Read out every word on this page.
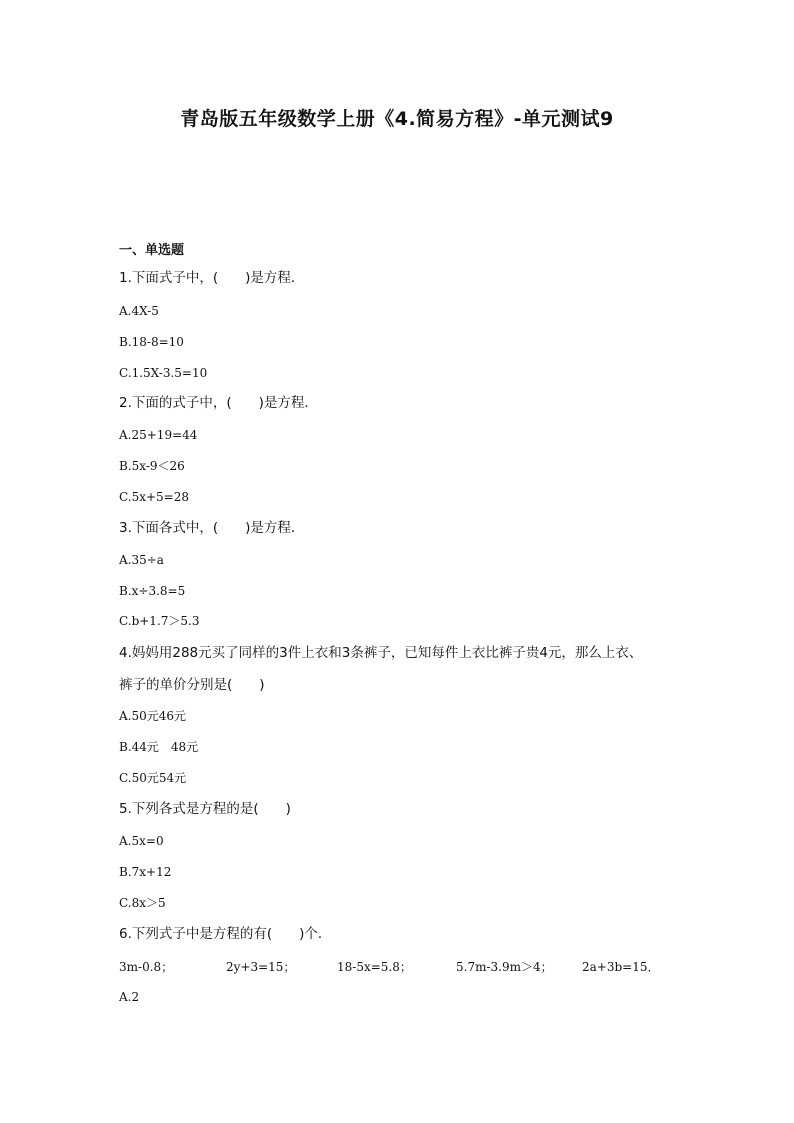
青岛版五年级数学上册《4.简易方程》-单元测试9
一、单选题
1.下面式子中，(　　)是方程．
A.4X-5
B.18-8=10
C.1.5X-3.5=10
2.下面的式子中，(　　)是方程．
A.25+19=44
B.5x-9＜26
C.5x+5=28
3.下面各式中，(　　)是方程．
A.35÷a
B.x÷3.8=5
C.b+1.7＞5.3
4.妈妈用288元买了同样的3件上衣和3条裤子，已知每件上衣比裤子贵4元，那么上衣、
裤子的单价分别是(　　)
A.50元46元
B.44元　48元
C.50元54元
5.下列各式是方程的是(　　)
A.5x=0
B.7x+12
C.8x＞5
6.下列式子中是方程的有(　　)个．
3m-0.8；	2y+3=15；	18-5x=5.8；	5.7m-3.9m＞4； 2a+3b=15．
A.2
